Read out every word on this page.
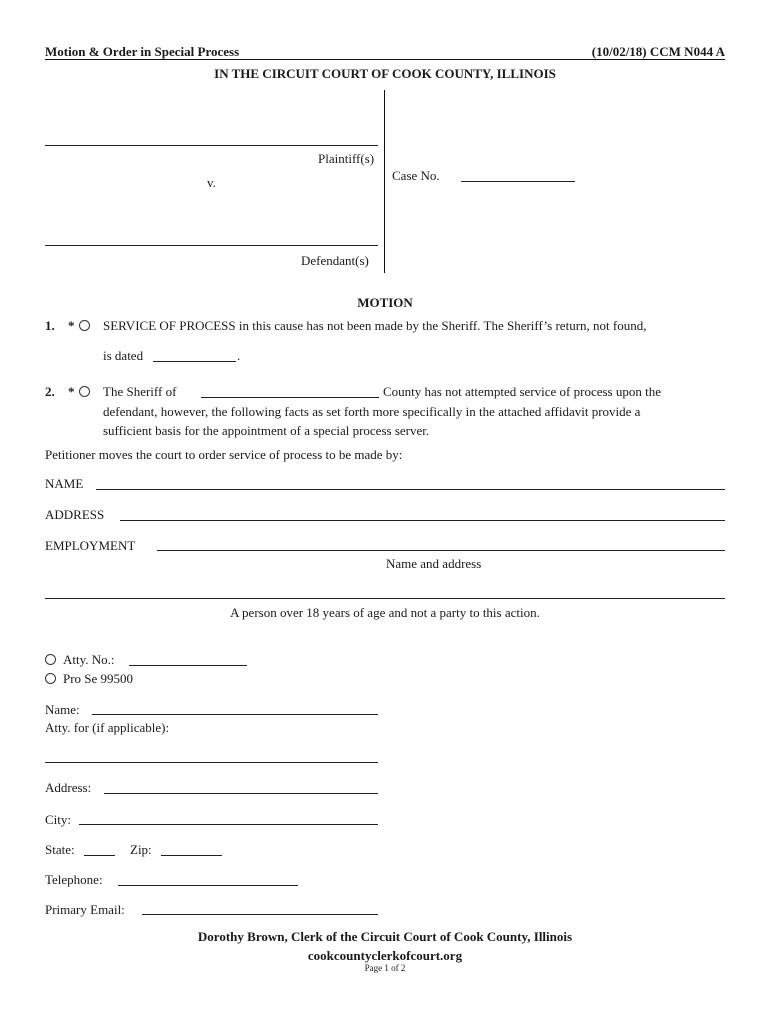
Motion & Order in Special Process	(10/02/18) CCM N044 A
IN THE CIRCUIT COURT OF COOK COUNTY, ILLINOIS
Plaintiff(s)
v.	Case No.
Defendant(s)
MOTION
1. * SERVICE OF PROCESS in this cause has not been made by the Sheriff. The Sheriff’s return, not found,
is dated	.
2. * The Sheriff of	County has not attempted service of process upon the
defendant, however, the following facts as set forth more specifically in the attached affidavit provide a
sufficient basis for the appointment of a special process server.
Petitioner moves the court to order service of process to be made by:
NAME
ADDRESS
EMPLOYMENT
Name and address
A person over 18 years of age and not a party to this action.
Atty. No.:
Pro Se 99500
Name:
Atty. for (if applicable):
Address:
City:
State:	Zip:
Telephone:
Primary Email:
Dorothy Brown, Clerk of the Circuit Court of Cook County, Illinois
cookcountyclerkofcourt.org
Page 1 of 2
